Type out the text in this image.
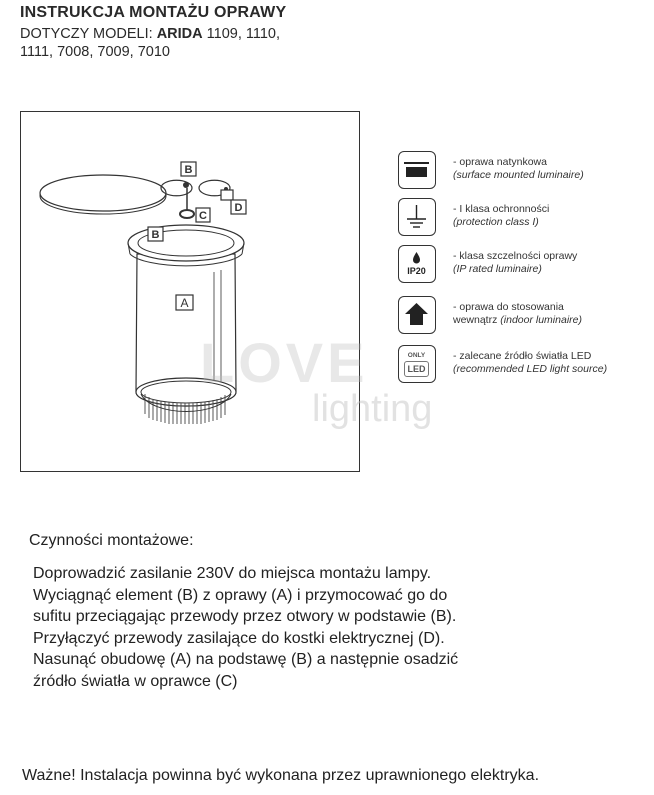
INSTRUKCJA MONTAŻU OPRAWY
DOTYCZY MODELI: ARIDA 1109, 1110,
1111, 7008, 7009, 7010
B
B
C
D
A
- oprawa natynkowa
(surface mounted luminaire)
- I klasa ochronności
(protection class I)
IP20
- klasa szczelności oprawy
(IP rated luminaire)
- oprawa do stosowania
wewnątrz (indoor luminaire)
ONLY
LED
- zalecane źródło światła LED
(recommended LED light source)
LOVE
lighting
Czynności montażowe:
Doprowadzić zasilanie 230V do miejsca montażu lampy.
Wyciągnąć element (B) z oprawy (A) i przymocować go do
sufitu przeciągając przewody przez otwory w podstawie (B).
Przyłączyć przewody zasilające do kostki elektrycznej (D).
Nasunąć obudowę (A) na podstawę (B) a następnie osadzić
źródło światła w oprawce (C)
Ważne! Instalacja powinna być wykonana przez uprawnionego elektryka.
